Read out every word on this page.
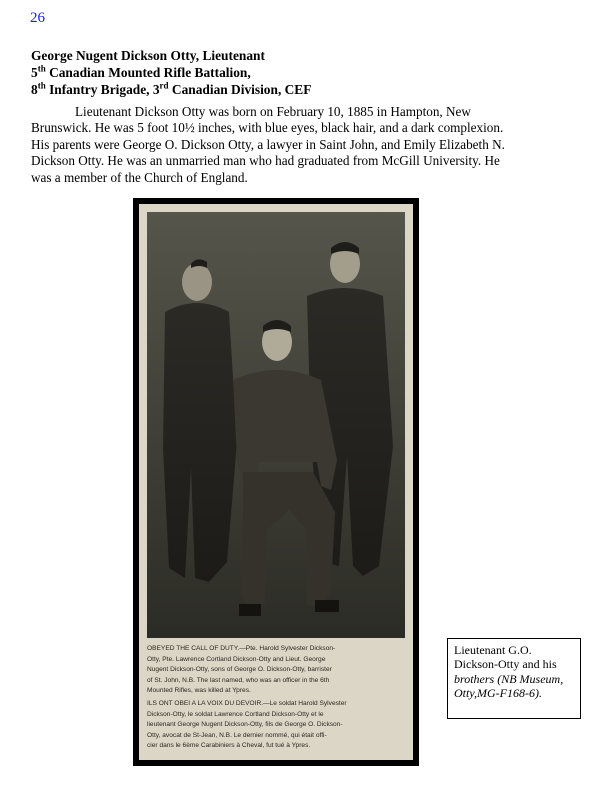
26
George Nugent Dickson Otty, Lieutenant
5th Canadian Mounted Rifle Battalion,
8th Infantry Brigade, 3rd Canadian Division, CEF
Lieutenant Dickson Otty was born on February 10, 1885 in Hampton, New
Brunswick. He was 5 foot 10½ inches, with blue eyes, black hair, and a dark complexion.
His parents were George O. Dickson Otty, a lawyer in Saint John, and Emily Elizabeth N.
Dickson Otty. He was an unmarried man who had graduated from McGill University. He
was a member of the Church of England.

OBEYED THE CALL OF DUTY.—Pte. Harold Sylvester Dickson-
Otty, Pte. Lawrence Cortland Dickson-Otty and Lieut. George
Nugent Dickson-Otty, sons of George O. Dickson-Otty, barrister
of St. John, N.B. The last named, who was an officer in the 6th
Mounted Rifles, was killed at Ypres.

ILS ONT OBEI A LA VOIX DU DEVOIR.—Le soldat Harold Sylvester
Dickson-Otty, le soldat Lawrence Cortland Dickson-Otty et le
lieutenant George Nugent Dickson-Otty, fils de George O. Dickson-
Otty, avocat de St-Jean, N.B. Le dernier nommé, qui était offi-
cier dans le 6ème Carabiniers à Cheval, fut tué à Ypres.

Lieutenant G.O.
Dickson-Otty and his
brothers (NB Museum,
Otty,MG-F168-6).
